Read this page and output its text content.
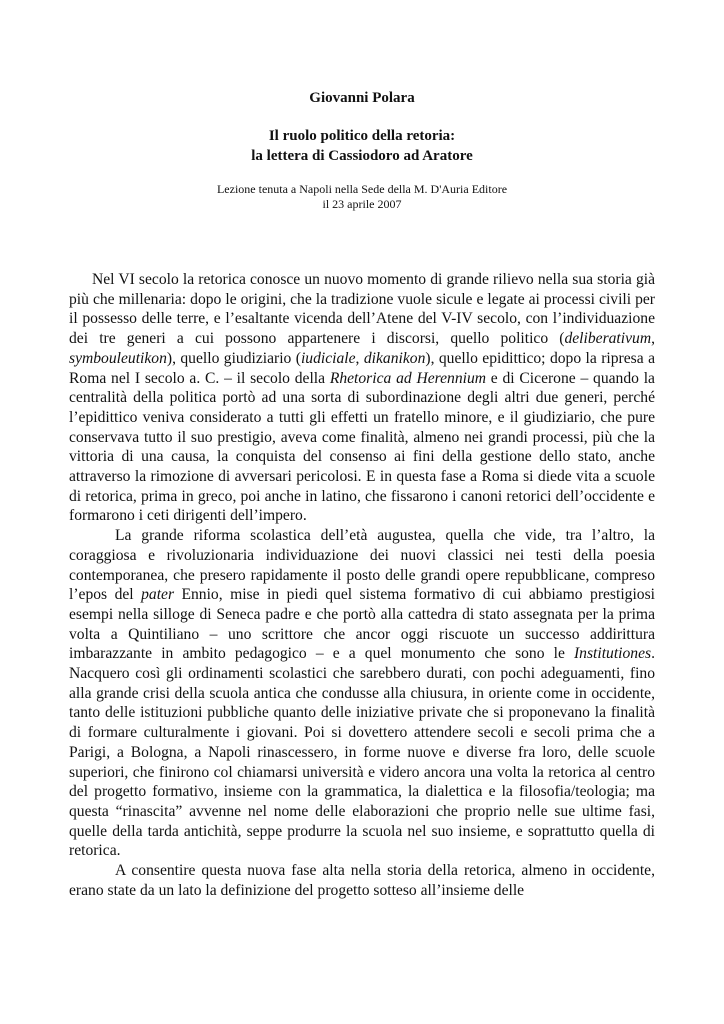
Giovanni Polara
Il ruolo politico della retoria:
la lettera di Cassiodoro ad Aratore
Lezione tenuta a Napoli nella Sede della M. D'Auria Editore
il 23 aprile 2007

Nel VI secolo la retorica conosce un nuovo momento di grande rilievo nella sua storia già più che millenaria: dopo le origini, che la tradizione vuole sicule e legate ai processi civili per il possesso delle terre, e l’esaltante vicenda dell’Atene del V-IV secolo, con l’individuazione dei tre generi a cui possono appartenere i discorsi, quello politico (deliberativum, symbouleutikon), quello giudiziario (iudiciale, dikanikon), quello epidittico; dopo la ripresa a Roma nel I secolo a. C. – il secolo della Rhetorica ad Herennium e di Cicerone – quando la centralità della politica portò ad una sorta di subordinazione degli altri due generi, perché l’epidittico veniva considerato a tutti gli effetti un fratello minore, e il giudiziario, che pure conservava tutto il suo prestigio, aveva come finalità, almeno nei grandi processi, più che la vittoria di una causa, la conquista del consenso ai fini della gestione dello stato, anche attraverso la rimozione di avversari pericolosi. E in questa fase a Roma si diede vita a scuole di retorica, prima in greco, poi anche in latino, che fissarono i canoni retorici dell’occidente e formarono i ceti dirigenti dell’impero.

La grande riforma scolastica dell’età augustea, quella che vide, tra l’altro, la coraggiosa e rivoluzionaria individuazione dei nuovi classici nei testi della poesia contemporanea, che presero rapidamente il posto delle grandi opere repubblicane, compreso l’epos del pater Ennio, mise in piedi quel sistema formativo di cui abbiamo prestigiosi esempi nella silloge di Seneca padre e che portò alla cattedra di stato assegnata per la prima volta a Quintiliano – uno scrittore che ancor oggi riscuote un successo addirittura imbarazzante in ambito pedagogico – e a quel monumento che sono le Institutiones. Nacquero così gli ordinamenti scolastici che sarebbero durati, con pochi adeguamenti, fino alla grande crisi della scuola antica che condusse alla chiusura, in oriente come in occidente, tanto delle istituzioni pubbliche quanto delle iniziative private che si proponevano la finalità di formare culturalmente i giovani. Poi si dovettero attendere secoli e secoli prima che a Parigi, a Bologna, a Napoli rinascessero, in forme nuove e diverse fra loro, delle scuole superiori, che finirono col chiamarsi università e videro ancora una volta la retorica al centro del progetto formativo, insieme con la grammatica, la dialettica e la filosofia/teologia; ma questa “rinascita” avvenne nel nome delle elaborazioni che proprio nelle sue ultime fasi, quelle della tarda antichità, seppe produrre la scuola nel suo insieme, e soprattutto quella di retorica.

A consentire questa nuova fase alta nella storia della retorica, almeno in occidente, erano state da un lato la definizione del progetto sotteso all’insieme delle
